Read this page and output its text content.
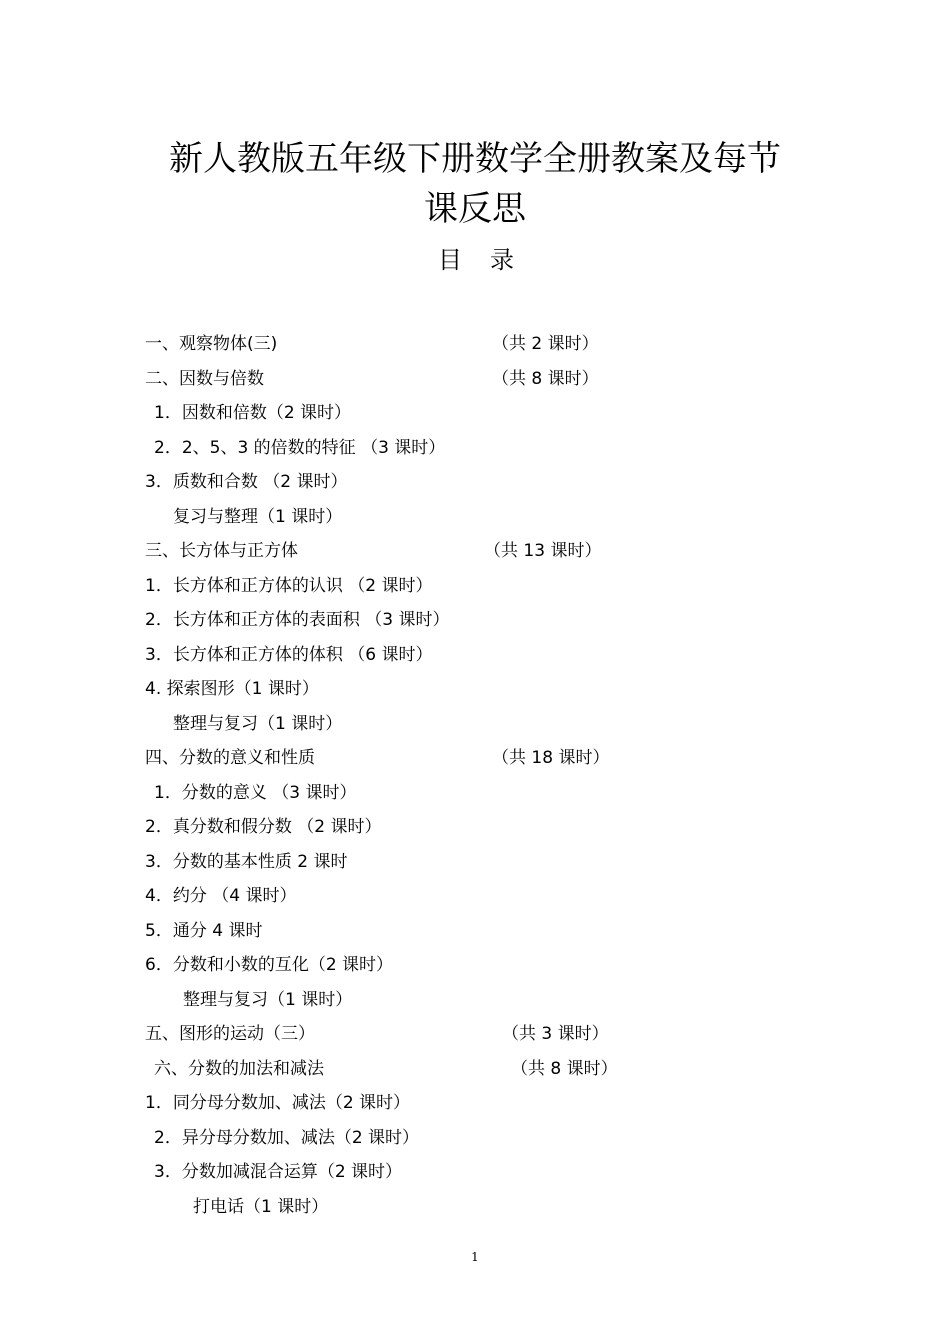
新人教版五年级下册数学全册教案及每节
课反思
目录
一、观察物体(三)	（共 2 课时）
二、因数与倍数	（共 8 课时）
1．因数和倍数（2 课时）
2．2、5、3 的倍数的特征 （3 课时）
3．质数和合数 （2 课时）
复习与整理（1 课时）
三、长方体与正方体	（共 13 课时）
1．长方体和正方体的认识 （2 课时）
2．长方体和正方体的表面积 （3 课时）
3．长方体和正方体的体积 （6 课时）
4. 探索图形（1 课时）
整理与复习（1 课时）
四、分数的意义和性质	（共 18 课时）
1．分数的意义 （3 课时）
2．真分数和假分数 （2 课时）
3．分数的基本性质 2 课时
4．约分 （4 课时）
5．通分 4 课时
6．分数和小数的互化（2 课时）
整理与复习（1 课时）
五、图形的运动（三）	（共 3 课时）
六、分数的加法和减法	（共 8 课时）
1．同分母分数加、减法（2 课时）
2．异分母分数加、减法（2 课时）
3．分数加减混合运算（2 课时）
打电话（1 课时）
1
